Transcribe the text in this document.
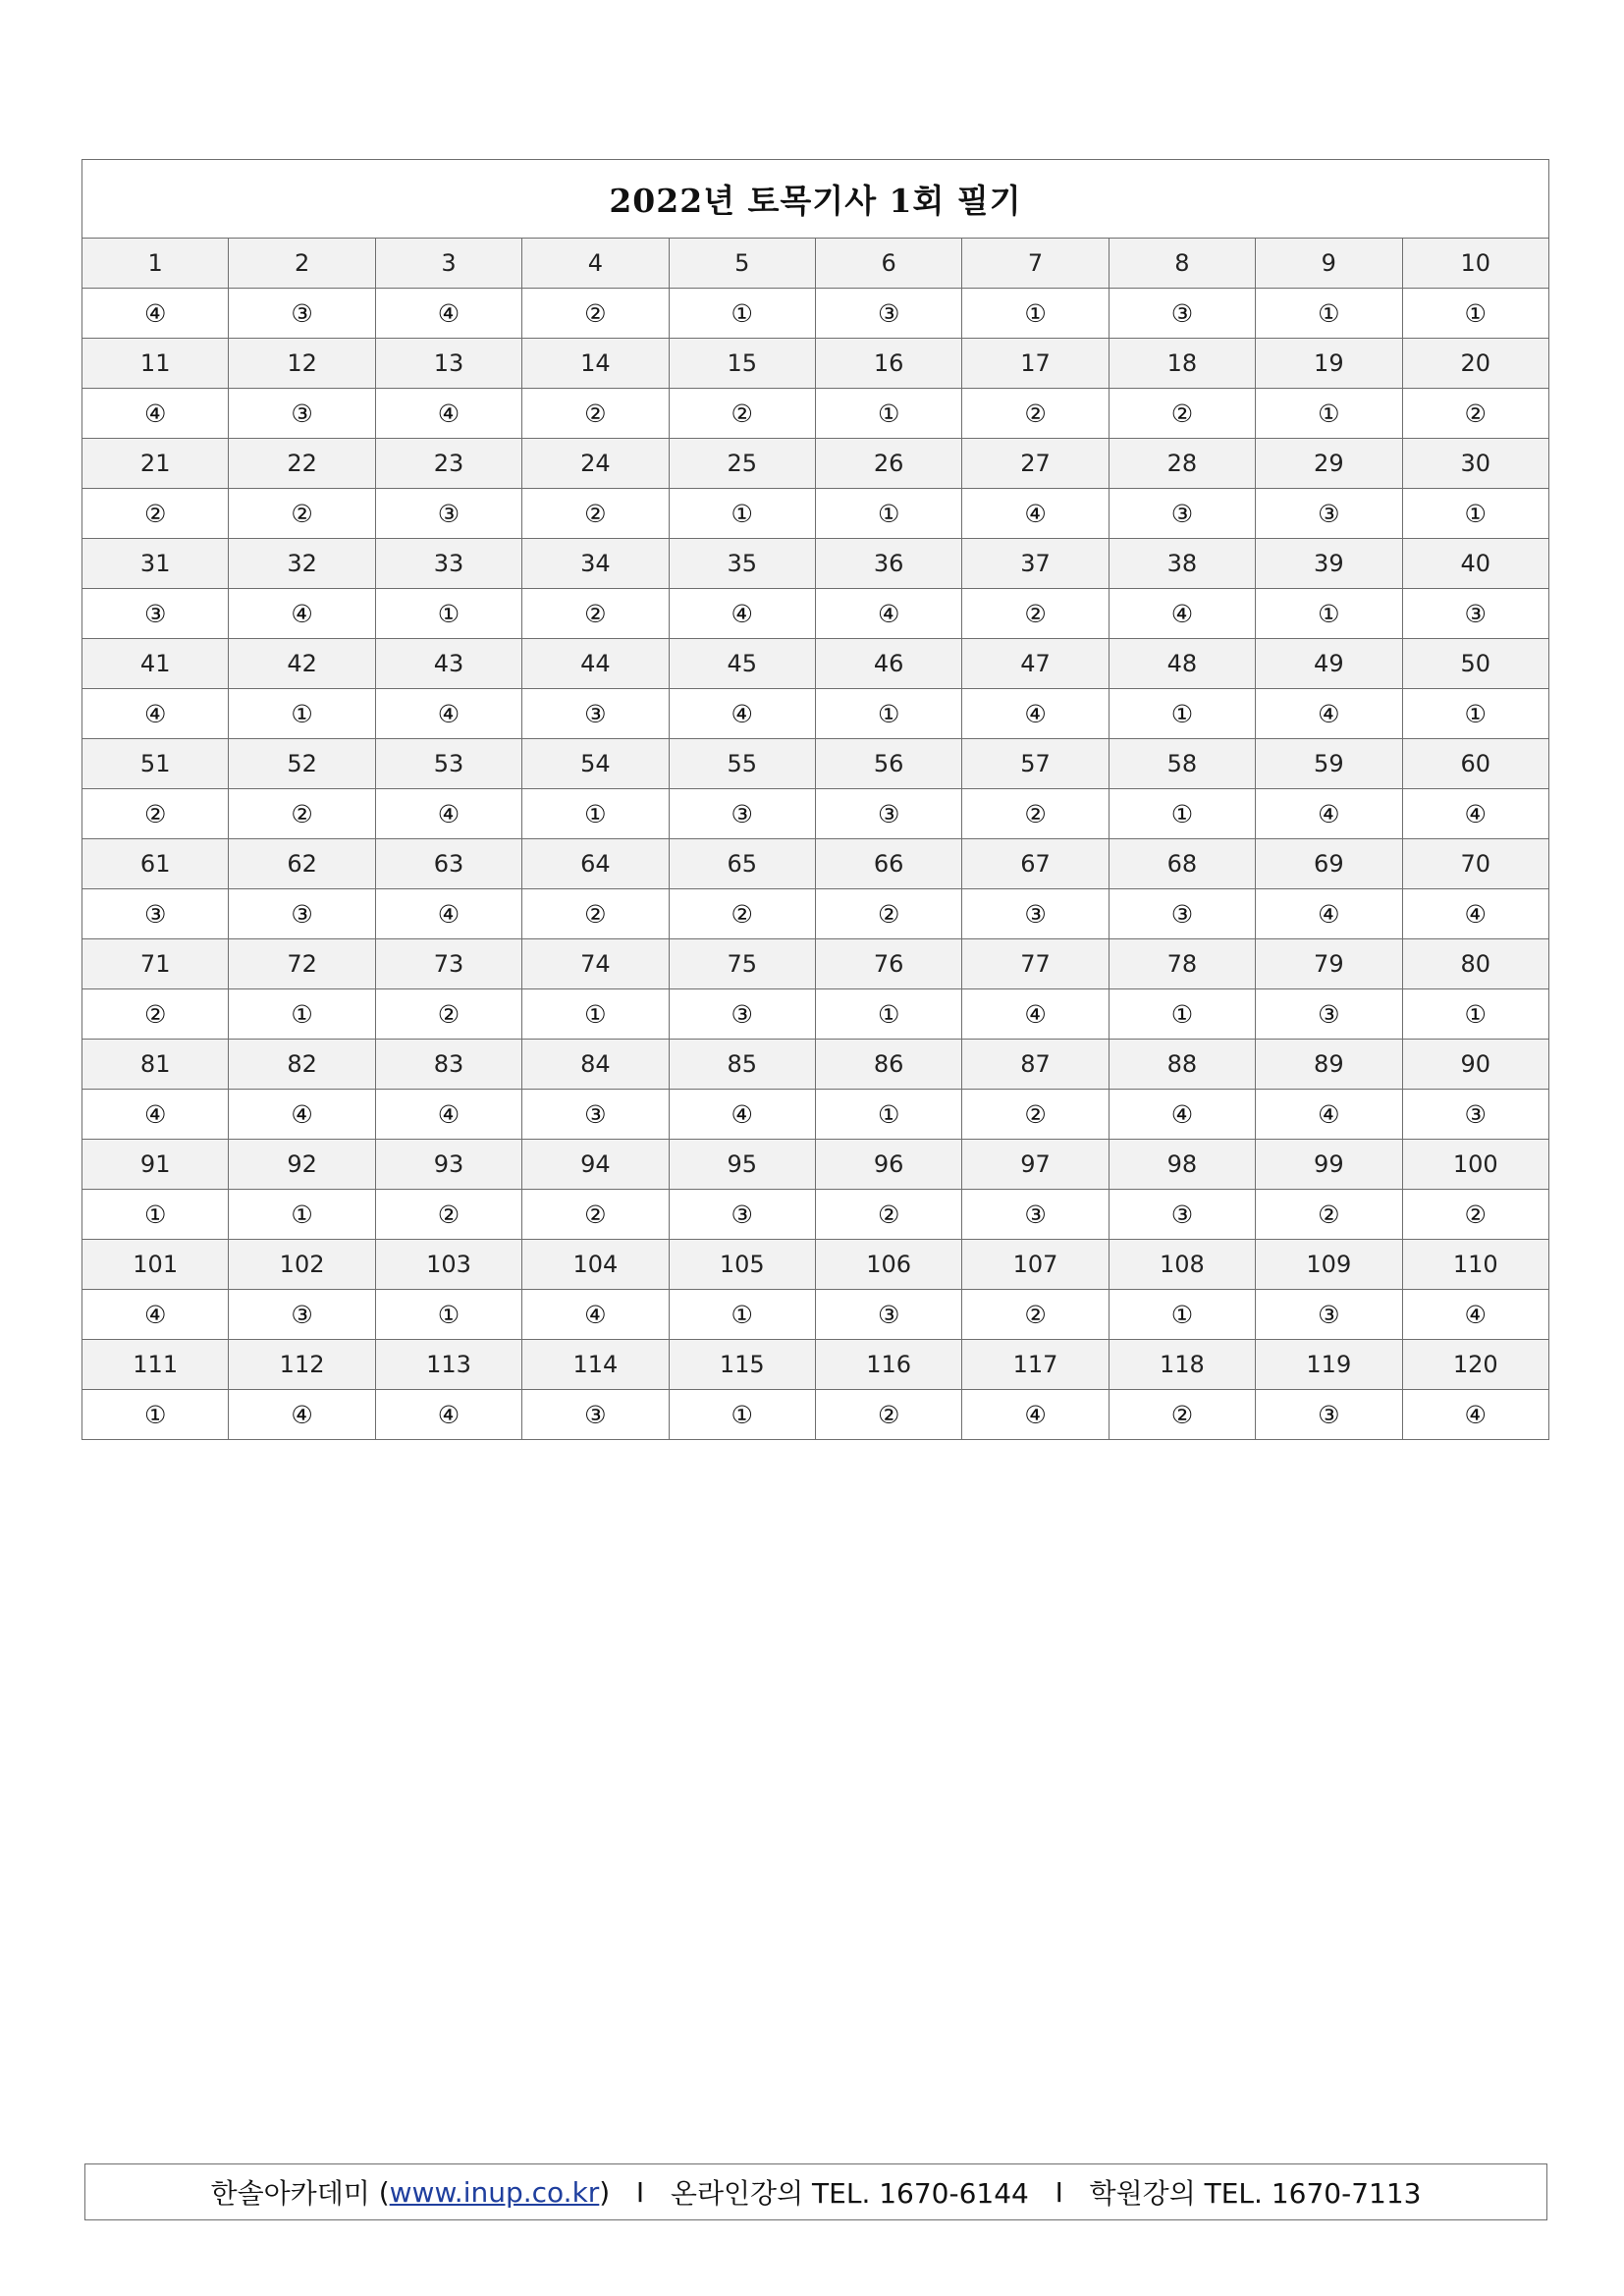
2022년 토목기사 1회 필기									
1	2	3	4	5	6	7	8	9	10
④	③	④	②	①	③	①	③	①	①
11	12	13	14	15	16	17	18	19	20
④	③	④	②	②	①	②	②	①	②
21	22	23	24	25	26	27	28	29	30
②	②	③	②	①	①	④	③	③	①
31	32	33	34	35	36	37	38	39	40
③	④	①	②	④	④	②	④	①	③
41	42	43	44	45	46	47	48	49	50
④	①	④	③	④	①	④	①	④	①
51	52	53	54	55	56	57	58	59	60
②	②	④	①	③	③	②	①	④	④
61	62	63	64	65	66	67	68	69	70
③	③	④	②	②	②	③	③	④	④
71	72	73	74	75	76	77	78	79	80
②	①	②	①	③	①	④	①	③	①
81	82	83	84	85	86	87	88	89	90
④	④	④	③	④	①	②	④	④	③
91	92	93	94	95	96	97	98	99	100
①	①	②	②	③	②	③	③	②	②
101	102	103	104	105	106	107	108	109	110
④	③	①	④	①	③	②	①	③	④
111	112	113	114	115	116	117	118	119	120
①	④	④	③	①	②	④	②	③	④
한솔아카데미 ( www.inup.co.kr ) I 온라인강의 TEL. 1670-6144 I 학원강의 TEL. 1670-7113
